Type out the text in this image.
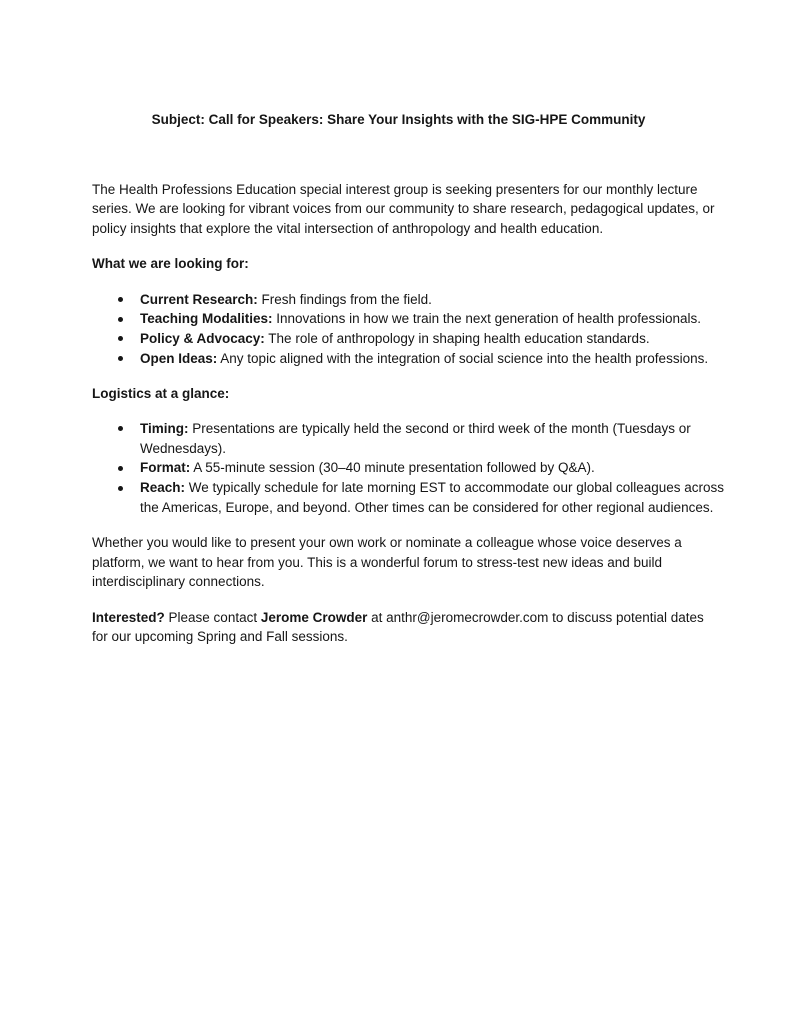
Subject: Call for Speakers: Share Your Insights with the SIG-HPE Community
The Health Professions Education special interest group is seeking presenters for our monthly lecture
series. We are looking for vibrant voices from our community to share research, pedagogical updates, or
policy insights that explore the vital intersection of anthropology and health education.
What we are looking for:
Current Research: Fresh findings from the field.
Teaching Modalities: Innovations in how we train the next generation of health professionals.
Policy & Advocacy: The role of anthropology in shaping health education standards.
Open Ideas: Any topic aligned with the integration of social science into the health professions.
Logistics at a glance:
Timing: Presentations are typically held the second or third week of the month (Tuesdays or
Wednesdays).
Format: A 55-minute session (30–40 minute presentation followed by Q&A).
Reach: We typically schedule for late morning EST to accommodate our global colleagues across
the Americas, Europe, and beyond. Other times can be considered for other regional audiences.
Whether you would like to present your own work or nominate a colleague whose voice deserves a
platform, we want to hear from you. This is a wonderful forum to stress-test new ideas and build
interdisciplinary connections.
Interested? Please contact Jerome Crowder at anthr@jeromecrowder.com to discuss potential dates
for our upcoming Spring and Fall sessions.
